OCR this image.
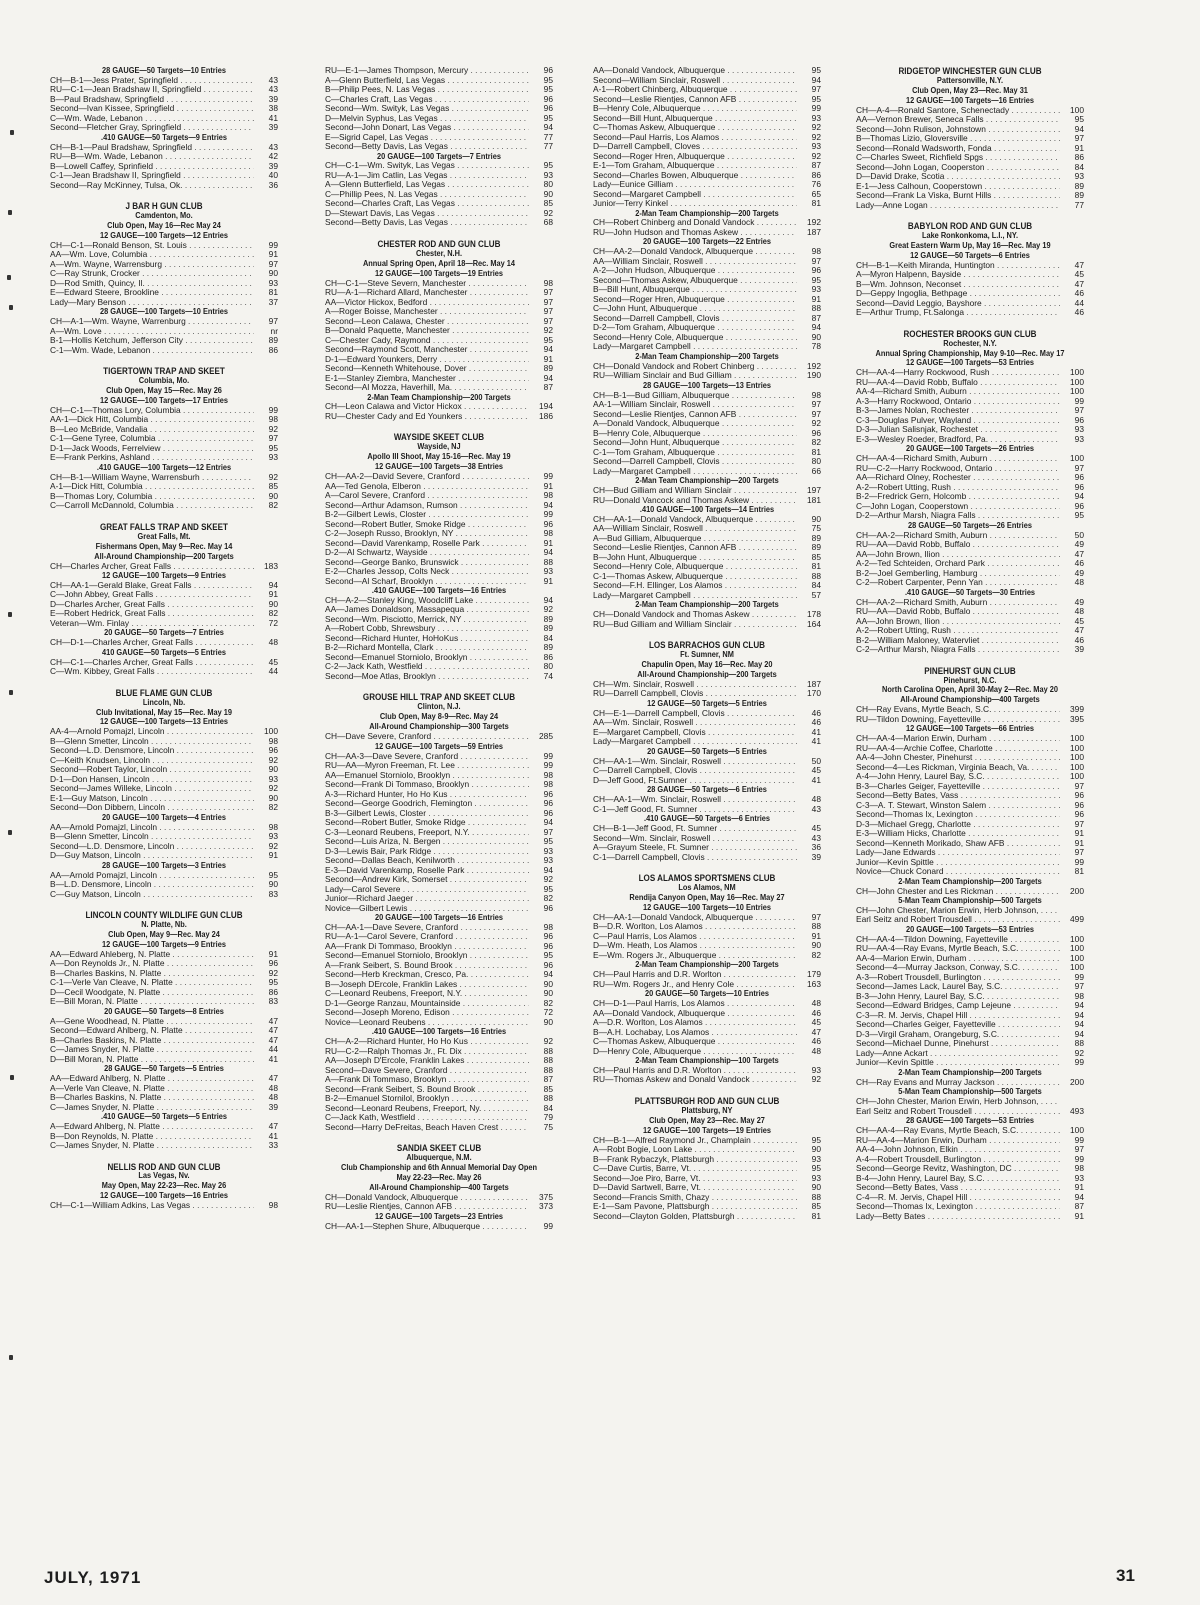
28 GAUGE—50 Targets—10 Entries
CH—B-1—Jess Prater, Springfield . . .	43
RU—C-1—Jean Bradshaw II, Springfield . . .	43
B—Paul Bradshaw, Springfield . . .	39
Second—Ivan Kissee, Springfield . . .	38
C—Wm. Wade, Lebanon . . .	41
Second—Fletcher Gray, Springfield . . .	39
.410 GAUGE—50 Targets—9 Entries
CH—B-1—Paul Bradshaw, Springfield . . .	43
RU—B—Wm. Wade, Lebanon . . .	42
B—Lowell Caffey, Sprinfield . . .	39
C-1—Jean Bradshaw II, Springfield . . .	40
Second—Ray McKinney, Tulsa, Ok. . . .	36
J BAR H GUN CLUB
Camdenton, Mo.
Club Open, May 16—Rec May 24
12 GAUGE—100 Targets—12 Entries
CH—C-1—Ronald Benson, St. Louis . . .	99
AA—Wm. Love, Columbia . . .	91
A—Wm. Wayne, Warrensburg . . .	97
C—Ray Strunk, Crocker . . .	90
D—Rod Smith, Quincy, Il. . . .	93
E—Edward Steere, Brookline . . .	81
Lady—Mary Benson . . .	37
28 GAUGE—100 Targets—10 Entries
CH—A-1—Wm. Wayne, Warrenburg . . .	97
A—Wm. Love . . .	nr
B-1—Hollis Ketchum, Jefferson City . . .	89
C-1—Wm. Wade, Lebanon . . .	86
TIGERTOWN TRAP AND SKEET
Columbia, Mo.
Club Open, May 15—Rec. May 26
12 GAUGE—100 Targets—17 Entries
CH—C-1—Thomas Lory, Columbia . . .	99
AA-1—Dick Hitt, Columbia . . .	98
B—Leo McBride, Vandalia . . .	92
C-1—Gene Tyree, Columbia . . .	97
D-1—Jack Woods, Ferrelview . . .	95
E—Frank Perkins, Ashland . . .	93
.410 GAUGE—100 Targets—12 Entries
CH—B-1—William Wayne, Warrensburh . . .	92
A-1—Dick Hitt, Columbia . . .	85
B—Thomas Lory, Columbia . . .	90
C—Carroll McDannold, Columbia . . .	82
GREAT FALLS TRAP AND SKEET
Great Falls, Mt.
Fishermans Open, May 9—Rec. May 14
All-Around Championship—200 Targets
CH—Charles Archer, Great Falls . . .	183
12 GAUGE—100 Targets—9 Entries
CH—AA-1—Gerald Blake, Great Falls . . .	94
C—John Abbey, Great Falls . . .	91
D—Charles Archer, Great Falls . . .	90
E—Robert Hedrick, Great Falls . . .	82
Veteran—Wm. Finlay . . .	72
20 GAUGE—50 Targets—7 Entries
CH—D-1—Charles Archer, Great Falls . . .	48
410 GAUGE—50 Targets—5 Entries
CH—C-1—Charles Archer, Great Falls . . .	45
C—Wm. Kibbey, Great Falls . . .	44
BLUE FLAME GUN CLUB
Lincoln, Nb.
Club Invitational, May 15—Rec. May 19
12 GAUGE—100 Targets—13 Entries
AA-4—Arnold Pomajzl, Lincoln . . .	100
B—Glenn Smetter, Lincoln . . .	98
Second—L.D. Densmore, Lincoln . . .	96
C—Keith Knudsen, Lincoln . . .	92
Second—Robert Taylor, Lincoln . . .	90
D-1—Don Hansen, Lincoln . . .	93
Second—James Willeke, Lincoln . . .	92
E-1—Guy Matson, Lincoln . . .	90
Second—Don Dibbern, Lincoln . . .	82
20 GAUGE—100 Targets—4 Entries
AA—Arnold Pomajzl, Lincoln . . .	98
B—Glenn Smetter, Lincoln . . .	93
Second—L.D. Densmore, Lincoln . . .	92
D—Guy Matson, Lincoln . . .	91
28 GAUGE—100 Targets—3 Entries
AA—Arnold Pomajzl, Lincoln . . .	95
B—L.D. Densmore, Lincoln . . .	90
C—Guy Matson, Lincoln . . .	83
LINCOLN COUNTY WILDLIFE GUN CLUB
N. Platte, Nb.
Club Open, May 9—Rec. May 24
12 GAUGE—100 Targets—9 Entries
AA—Edward Ahleberg, N. Platte . . .	91
A—Don Reynolds Jr., N. Platte . . .	96
B—Charles Baskins, N. Platte . . .	92
C-1—Verle Van Cleave, N. Platte . . .	95
D—Cecil Woodgate, N. Platte . . .	86
E—Bill Moran, N. Platte . . .	83
20 GAUGE—50 Targets—8 Entries
A—Gene Woodhead, N. Platte . . .	47
Second—Edward Ahlberg, N. Platte . . .	47
B—Charles Baskins, N. Platte . . .	47
C—James Snyder, N. Platte . . .	44
D—Bill Moran, N. Platte . . .	41
28 GAUGE—50 Targets—5 Entries
AA—Edward Ahlberg, N. Platte . . .	47
A—Verle Van Cleave, N. Platte . . .	48
B—Charles Baskins, N. Platte . . .	48
C—James Snyder, N. Platte . . .	39
.410 GAUGE—50 Targets—5 Entries
A—Edward Ahlberg, N. Platte . . .	47
B—Don Reynolds, N. Platte . . .	41
C—James Snyder, N. Platte . . .	33
NELLIS ROD AND GUN CLUB
Las Vegas, Nv.
May Open, May 22-23—Rec. May 26
12 GAUGE—100 Targets—16 Entries
CH—C-1—William Adkins, Las Vegas . . .	98
RU—E-1—James Thompson, Mercury . . .	96
A—Glenn Butterfield, Las Vegas . . .	95
B—Philip Pees, N. Las Vegas . . .	95
C—Charles Craft, Las Vegas . . .	96
Second—Wm. Swityk, Las Vegas . . .	96
D—Melvin Syphus, Las Vegas . . .	95
Second—John Donart, Las Vegas . . .	94
E—Sigrid Capel, Las Vegas . . .	77
Second—Betty Davis, Las Vegas . . .	77
20 GAUGE—100 Targets—7 Entries
CH—C-1—Wm. Swityk, Las Vegas . . .	95
RU—A-1—Jim Catlin, Las Vegas . . .	93
A—Glenn Butterfield, Las Vegas . . .	80
C—Phillip Pees, N. Las Vegas . . .	90
Second—Charles Craft, Las Vegas . . .	85
D—Stewart Davis, Las Vegas . . .	92
Second—Betty Davis, Las Vegas . . .	68
CHESTER ROD AND GUN CLUB
Chester, N.H.
Annual Spring Open, April 18—Rec. May 14
12 GAUGE—100 Targets—19 Entries
CH—C-1—Steve Severn, Manchester . . .	98
RU—A-1—Richard Allard, Manchester . . .	97
AA—Victor Hickox, Bedford . . .	97
A—Roger Boisse, Manchester . . .	97
Second—Leon Calawa, Chester . . .	97
B—Donald Paquette, Manchester . . .	92
C—Chester Cady, Raymond . . .	95
Second—Raymond Scott, Manchester . . .	94
D-1—Edward Younkers, Derry . . .	91
Second—Kenneth Whitehouse, Dover . . .	89
E-1—Stanley Ziembra, Manchester . . .	94
Second—Al Mozza, Haverhill, Ma. . . .	87
2-Man Team Championship—200 Targets
CH—Leon Calawa and Victor Hickox . . .	194
RU—Chester Cady and Ed Younkers . . .	186
WAYSIDE SKEET CLUB
Wayside, NJ
Apollo III Shoot, May 15-16—Rec. May 19
12 GAUGE—100 Targets—38 Entries
CH—AA-2—David Severe, Cranford . . .	99
AA—Ted Genola, Elberon . . .	91
A—Carol Severe, Cranford . . .	98
Second—Arthur Adamson, Rumson . . .	94
B-2—Gilbert Lewis, Closter . . .	99
Second—Robert Butler, Smoke Ridge . . .	96
C-2—Joseph Russo, Brooklyn, NY . . .	98
Second—David Varenkamp, Roselle Park . . .	91
D-2—Al Schwartz, Wayside . . .	94
Second—George Banko, Brunswick . . .	88
E-2—Charles Jessop, Colts Neck . . .	93
Second—Al Scharf, Brooklyn . . .	91
.410 GAUGE—100 Targets—16 Entries
CH—A-2—Stanley King, Woodcliff Lake . . .	94
AA—James Donaldson, Massapequa . . .	92
Second—Wm. Pisciotto, Merrick, NY . . .	89
A—Robert Cobb, Shrewsbury . . .	89
Second—Richard Hunter, HoHoKus . . .	84
B-2—Richard Montella, Clark . . .	89
Second—Emanuel Storniolo, Brooklyn . . .	86
C-2—Jack Kath, Westfield . . .	80
Second—Moe Atlas, Brooklyn . . .	74
GROUSE HILL TRAP AND SKEET CLUB
Clinton, N.J.
Club Open, May 8-9—Rec. May 24
All-Around Championship—300 Targets
CH—Dave Severe, Cranford . . .	285
12 GAUGE—100 Targets—59 Entries
CH—AA-3—Dave Severe, Cranford . . .	99
RU—AA—Myron Freeman, Ft. Lee . . .	99
AA—Emanuel Storniolo, Brooklyn . . .	98
Second—Frank Di Tommaso, Brooklyn . . .	98
A-3—Richard Hunter, Ho Ho Kus . . .	96
Second—George Goodrich, Flemington . . .	96
B-3—Gilbert Lewis, Closter . . .	96
Second—Robert Butler, Smoke Ridge . . .	94
C-3—Leonard Reubens, Freeport, N.Y. . . .	97
Second—Luis Ariza, N. Bergen . . .	95
D-3—Lewis Bair, Park Ridge . . .	93
Second—Dallas Beach, Kenilworth . . .	93
E-3—David Varenkamp, Roselle Park . . .	94
Second—Andrew Kirk, Somerset . . .	92
Lady—Carol Severe . . .	95
Junior—Richard Jaeger . . .	82
Novice—Gilbert Lewis . . .	96
20 GAUGE—100 Targets—16 Entries
CH—AA-1—Dave Severe, Cranford . . .	98
RU—A-1—Carol Severe, Cranford . . .	96
AA—Frank Di Tommaso, Brooklyn . . .	96
Second—Emanuel Storniolo, Brooklyn . . .	95
A—Frank Seibert, S. Bound Brook . . .	96
Second—Herb Kreckman, Cresco, Pa. . . .	94
B—Joseph DErcole, Franklin Lakes . . .	90
C—Leonard Reubens, Freeport, N.Y. . . .	90
D-1—George Ranzau, Mountainside . . .	82
Second—Joseph Moreno, Edison . . .	72
Novice—Leonard Reubens . . .	90
.410 GAUGE—100 Targets—16 Entries
CH—A-2—Richard Hunter, Ho Ho Kus . . .	92
RU—C-2—Ralph Thomas Jr., Ft. Dix . . .	88
AA—Joseph D'Ercole, Franklin Lakes . . .	88
Second—Dave Severe, Cranford . . .	88
A—Frank Di Tommaso, Brooklyn . . .	87
Second—Frank Seibert, S. Bound Brook . . .	85
B-2—Emanuel Stornilol, Brooklyn . . .	88
Second—Leonard Reubens, Freeport, Ny. . . .	84
C—Jack Kath, Westfield . . .	79
Second—Harry DeFreitas, Beach Haven Crest . . .	75
SANDIA SKEET CLUB
Albuquerque, N.M.
Club Championship and 6th Annual Memorial Day Open
May 22-23—Rec. May 26
All-Around Championship—400 Targets
CH—Donald Vandock, Albuquerque . . .	375
RU—Leslie Rientjes, Cannon AFB . . .	373
12 GAUGE—100 Targets—23 Entries
CH—AA-1—Stephen Shure, Albuquerque . . .	99
AA—Donald Vandock, Albuquerque . . .	95
Second—William Sinclair, Roswell . . .	94
A-1—Robert Chinberg, Albuquerque . . .	97
Second—Leslie Rientjes, Cannon AFB . . .	95
B—Henry Cole, Albuquerque . . .	99
Second—Bill Hunt, Albuquerque . . .	93
C—Thomas Askew, Albuquerque . . .	92
Second—Paul Harris, Los Alamos . . .	92
D—Darrell Campbell, Cloves . . .	93
Second—Roger Hren, Albuquerque . . .	92
E-1—Tom Graham, Albuquerque . . .	87
Second—Charles Bowen, Albuquerque . . .	86
Lady—Eunice Gilliam . . .	76
Second—Margaret Campbell . . .	65
Junior—Terry Kinkel . . .	81
2-Man Team Championship—200 Targets
CH—Robert Chinberg and Donald Vandock . . .	192
RU—John Hudson and Thomas Askew . . .	187
20 GAUGE—100 Targets—22 Entries
CH—AA-2—Donald Vandock, Albuquerque . . .	98
AA—William Sinclair, Roswell . . .	97
A-2—John Hudson, Albuquerque . . .	96
Second—Thomas Askew, Albuquerque . . .	95
B—Bill Hunt, Albuquerque . . .	93
Second—Roger Hren, Albuquerque . . .	91
C—John Hunt, Albuquerque . . .	88
Second—Darrell Campbell, Clovis . . .	87
D-2—Tom Graham, Albuquerque . . .	94
Second—Henry Cole, Albuquerque . . .	90
Lady—Margaret Campbell . . .	78
2-Man Team Championship—200 Targets
CH—Donald Vandock and Robert Chinberg . . .	192
RU—William Sinclair and Bud Gilliam . . .	190
28 GAUGE—100 Targets—13 Entries
CH—B-1—Bud Gilliam, Albuquerque . . .	98
AA-1—William Sinclair, Roswell . . .	97
Second—Leslie Rientjes, Cannon AFB . . .	97
A—Donald Vandock, Albuquerque . . .	92
B—Henry Cole, Albuquerque . . .	96
Second—John Hunt, Albuquerque . . .	82
C-1—Tom Graham, Albuquerque . . .	81
Second—Darrell Campbell, Clovis . . .	80
Lady—Margaret Campbell . . .	66
2-Man Team Championship—200 Targets
CH—Bud Gilliam and William Sinclair . . .	197
RU—Donald Vancock and Thomas Askew . . .	181
.410 GAUGE—100 Targets—14 Entries
CH—AA-1—Donald Vandock, Albuquerque . . .	90
AA—William Sinclair, Roswell . . .	75
A—Bud Gilliam, Albuquerque . . .	89
Second—Leslie Rientjes, Cannon AFB . . .	89
B—John Hunt, Albuquerque . . .	85
Second—Henry Cole, Albuquerque . . .	81
C-1—Thomas Askew, Albuquerque . . .	88
Second—F.H. Ellinger, Los Alamos . . .	84
Lady—Margaret Campbell . . .	57
2-Man Team Championship—200 Targets
CH—Donald Vandock and Thomas Askew . . .	178
RU—Bud Gilliam and William Sinclair . . .	164
LOS BARRACHOS GUN CLUB
Ft. Sumner, NM
Chapulin Open, May 16—Rec. May 20
All-Around Championship—200 Targets
CH—Wm. Sinclair, Roswell . . .	187
RU—Darrell Campbell, Clovis . . .	170
12 GAUGE—50 Targets—5 Entries
CH—E-1—Darrell Campbell, Clovis . . .	46
AA—Wm. Sinclair, Roswell . . .	46
E—Margaret Campbell, Clovis . . .	41
Lady—Margaret Campbell . . .	41
20 GAUGE—50 Targets—5 Entries
CH—AA-1—Wm. Sinclair, Roswell . . .	50
C—Darrell Campbell, Clovis . . .	45
D—Jeff Good, Ft.Sumner . . .	41
28 GAUGE—50 Targets—6 Entries
CH—AA-1—Wm. Sinclair, Roswell . . .	48
C-1—Jeff Good, Ft. Sumner . . .	43
.410 GAUGE—50 Targets—6 Entries
CH—B-1—Jeff Good, Ft. Sumner . . .	45
Second—Wm. Sinclair, Roswell . . .	43
A—Grayum Steele, Ft. Sumner . . .	36
C-1—Darrell Campbell, Clovis . . .	39
LOS ALAMOS SPORTSMENS CLUB
Los Alamos, NM
Rendija Canyon Open, May 16—Rec. May 27
12 GAUGE—100 Targets—10 Entries
CH—AA-1—Donald Vandock, Albuquerque . . .	97
B—D.R. Worlton, Los Alamos . . .	88
C—Paul Harris, Los Alamos . . .	91
D—Wm. Heath, Los Alamos . . .	90
E—Wm. Rogers Jr., Albuquerque . . .	82
2-Man Team Championship—200 Targets
CH—Paul Harris and D.R. Worlton . . .	179
RU—Wm. Rogers Jr., and Henry Cole . . .	163
20 GAUGE—50 Targets—10 Entries
CH—D-1—Paul Harris, Los Alamos . . .	48
AA—Donald Vandock, Albuquerque . . .	46
A—D.R. Worlton, Los Alamos . . .	45
B—A.H. Lochabay, Los Alamos . . .	47
C—Thomas Askew, Albuquerque . . .	46
D—Henry Cole, Albuquerque . . .	48
2-Man Team Championship—100 Targets
CH—Paul Harris and D.R. Worlton . . .	93
RU—Thomas Askew and Donald Vandock . . .	92
PLATTSBURGH ROD AND GUN CLUB
Plattsburg, NY
Club Open, May 23—Rec. May 27
12 GAUGE—100 Targets—19 Entries
CH—B-1—Alfred Raymond Jr., Champlain . . .	95
A—Robt Bogie, Loon Lake . . .	90
B—Frank Rybaczyk, Plattsburgh . . .	93
C—Dave Curtis, Barre, Vt. . . .	95
Second—Joe Piro, Barre, Vt. . . .	93
D—David Sartwell, Barre, Vt. . . .	90
Second—Francis Smith, Chazy . . .	88
E-1—Sam Pavone, Plattsburgh . . .	85
Second—Clayton Golden, Plattsburgh . . .	81
RIDGETOP WINCHESTER GUN CLUB
Pattersonville, N.Y.
Club Open, May 23—Rec. May 31
12 GAUGE—100 Targets—16 Entries
CH—A-4—Ronald Santore, Schenectady . . .	100
AA—Vernon Brewer, Seneca Falls . . .	95
Second—John Rulison, Johnstown . . .	94
B—Thomas Lizio, Gloversville . . .	97
Second—Ronald Wadsworth, Fonda . . .	91
C—Charles Sweet, Richfield Spgs . . .	86
Second—John Logan, Cooperston . . .	84
D—David Drake, Scotia . . .	93
E-1—Jess Calhoun, Cooperstown . . .	89
Second—Frank La Viska, Burnt Hills . . .	89
Lady—Anne Logan . . .	77
BABYLON ROD AND GUN CLUB
Lake Ronkonkoma, L.I., NY.
Great Eastern Warm Up, May 16—Rec. May 19
12 GAUGE—50 Targets—6 Entries
CH—B-1—Keith Miranda, Huntington . . .	47
A—Myron Halpenn, Bayside . . .	45
B—Wm. Johnson, Neconset . . .	47
D—Geppy Ingoglia, Bethpage . . .	46
Second—David Leggio, Bayshore . . .	44
E—Arthur Trump, Ft.Salonga . . .	46
ROCHESTER BROOKS GUN CLUB
Rochester, N.Y.
Annual Spring Championship, May 9-10—Rec. May 17
12 GAUGE—100 Targets—53 Entries
CH—AA-4—Harry Rockwood, Rush . . .	100
RU—AA-4—David Robb, Buffalo . . .	100
AA-4—Richard Smith, Auburn . . .	100
A-3—Harry Rockwood, Ontario . . .	99
B-3—James Nolan, Rochester . . .	97
C-3—Douglas Pulver, Wayland . . .	96
D-3—Julian Salisnjak, Rochestet . . .	93
E-3—Wesley Roeder, Bradford, Pa. . . .	93
20 GAUGE—100 Targets—26 Entries
CH—AA-4—Richard Smith, Auburn . . .	100
RU—C-2—Harry Rockwood, Ontario . . .	97
AA—Richard Olney, Rochester . . .	96
A-2—Robert Utting, Rush . . .	96
B-2—Fredrick Gern, Holcomb . . .	94
C—John Logan, Cooperstown . . .	96
D-2—Arthur Marsh, Niagra Falls . . .	95
28 GAUGE—50 Targets—26 Entries
CH—AA-2—Richard Smith, Auburn . . .	50
RU—AA—David Robb, Buffalo . . .	49
AA—John Brown, Ilion . . .	47
A-2—Ted Schteiden, Orchard Park . . .	46
B-2—Joel Gemberling, Hamburg . . .	49
C-2—Robert Carpenter, Penn Yan . . .	48
.410 GAUGE—50 Targets—30 Entries
CH—AA-2—Richard Smith, Auburn . . .	49
RU—AA—David Robb, Buffalo . . .	48
AA—John Brown, Ilion . . .	45
A-2—Robert Utting, Rush . . .	47
B-2—William Maloney, Watervliet . . .	46
C-2—Arthur Marsh, Niagra Falls . . .	39
PINEHURST GUN CLUB
Pinehurst, N.C.
North Carolina Open, April 30-May 2—Rec. May 20
All-Around Championship—400 Targets
CH—Ray Evans, Myrtle Beach, S.C. . . .	399
RU—Tildon Downing, Fayetteville . . .	395
12 GAUGE—100 Targets—66 Entries
CH—AA-4—Marion Erwin, Durham . . .	100
RU—AA-4—Archie Coffee, Charlotte . . .	100
AA-4—John Chester, Pinehurst . . .	100
Second—4—Les Rickman, Virginia Beach, Va. . . .	100
A-4—John Henry, Laurel Bay, S.C. . . .	100
B-3—Charles Geiger, Fayetteville . . .	97
Second—Betty Bates, Vass . . .	96
C-3—A. T. Stewart, Winston Salem . . .	96
Second—Thomas Ix, Lexington . . .	96
D-3—Michael Gregg, Charlotte . . .	97
E-3—William Hicks, Charlotte . . .	91
Second—Kenneth Morikado, Shaw AFB . . .	91
Lady—Jane Edwards . . .	97
Junior—Kevin Spittle . . .	99
Novice—Chuck Conard . . .	81
2-Man Team Championship—200 Targets
CH—John Chester and Les Rickman . . .	200
5-Man Team Championship—500 Targets
CH—John Chester, Marion Erwin, Herb Johnson, . . .
Earl Seitz and Robert Trousdell . . .	499
20 GAUGE—100 Targets—53 Entries
CH—AA-4—Tildon Downing, Fayetteville . . .	100
RU—AA-4—Ray Evans, Myrtle Beach, S.C. . . .	100
AA-4—Marion Erwin, Durham . . .	100
Second—4—Murray Jackson, Conway, S.C. . . .	100
A-3—Robert Trousdell, Burlington . . .	99
Second—James Lack, Laurel Bay, S.C. . . .	97
B-3—John Henry, Laurel Bay, S.C. . . .	98
Second—Edward Bridges, Camp Lejeune . . .	94
C-3—R. M. Jervis, Chapel Hill . . .	94
Second—Charles Geiger, Fayetteville . . .	94
D-3—Virgil Graham, Orangeburg, S.C. . . .	94
Second—Michael Dunne, Pinehurst . . .	88
Lady—Anne Ackart . . .	92
Junior—Kevin Spittle . . .	99
2-Man Team Championship—200 Targets
CH—Ray Evans and Murray Jackson . . .	200
5-Man Team Championship—500 Targets
CH—John Chester, Marion Erwin, Herb Johnson, . . .
Earl Seitz and Robert Trousdell . . .	493
28 GAUGE—100 Targets—53 Entries
CH—AA-4—Ray Evans, Myrtle Beach, S.C. . . .	100
RU—AA-4—Marion Erwin, Durham . . .	99
AA-4—John Johnson, Elkin . . .	97
A-4—Robert Trousdell, Burlington . . .	99
Second—George Revitz, Washington, DC . . .	98
B-4—John Henry, Laurel Bay, S.C. . . .	93
Second—Betty Bates, Vass . . .	91
C-4—R. M. Jervis, Chapel Hill . . .	94
Second—Thomas Ix, Lexington . . .	87
Lady—Betty Bates . . .	91
JULY, 1971	31
